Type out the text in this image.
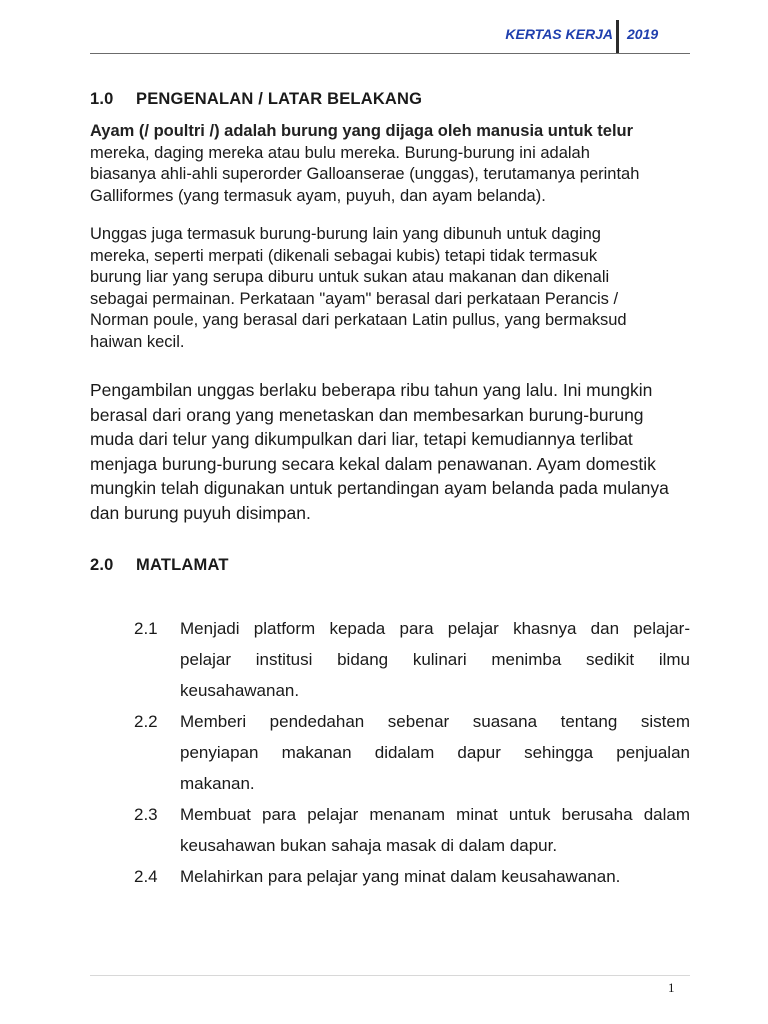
KERTAS KERJA 2019
1.0 PENGENALAN / LATAR BELAKANG
Ayam (/ poultri /) adalah burung yang dijaga oleh manusia untuk telur
mereka, daging mereka atau bulu mereka. Burung-burung ini adalah
biasanya ahli-ahli superorder Galloanserae (unggas), terutamanya perintah
Galliformes (yang termasuk ayam, puyuh, dan ayam belanda).
Unggas juga termasuk burung-burung lain yang dibunuh untuk daging
mereka, seperti merpati (dikenali sebagai kubis) tetapi tidak termasuk
burung liar yang serupa diburu untuk sukan atau makanan dan dikenali
sebagai permainan. Perkataan "ayam" berasal dari perkataan Perancis /
Norman poule, yang berasal dari perkataan Latin pullus, yang bermaksud
haiwan kecil.
Pengambilan unggas berlaku beberapa ribu tahun yang lalu. Ini mungkin
berasal dari orang yang menetaskan dan membesarkan burung-burung
muda dari telur yang dikumpulkan dari liar, tetapi kemudiannya terlibat
menjaga burung-burung secara kekal dalam penawanan. Ayam domestik
mungkin telah digunakan untuk pertandingan ayam belanda pada mulanya
dan burung puyuh disimpan.
2.0 MATLAMAT
2.1 Menjadi platform kepada para pelajar khasnya dan pelajar-
pelajar institusi bidang kulinari menimba sedikit ilmu
keusahawanan.
2.2 Memberi pendedahan sebenar suasana tentang sistem
penyiapan makanan didalam dapur sehingga penjualan
makanan.
2.3 Membuat para pelajar menanam minat untuk berusaha dalam
keusahawan bukan sahaja masak di dalam dapur.
2.4 Melahirkan para pelajar yang minat dalam keusahawanan.
1
